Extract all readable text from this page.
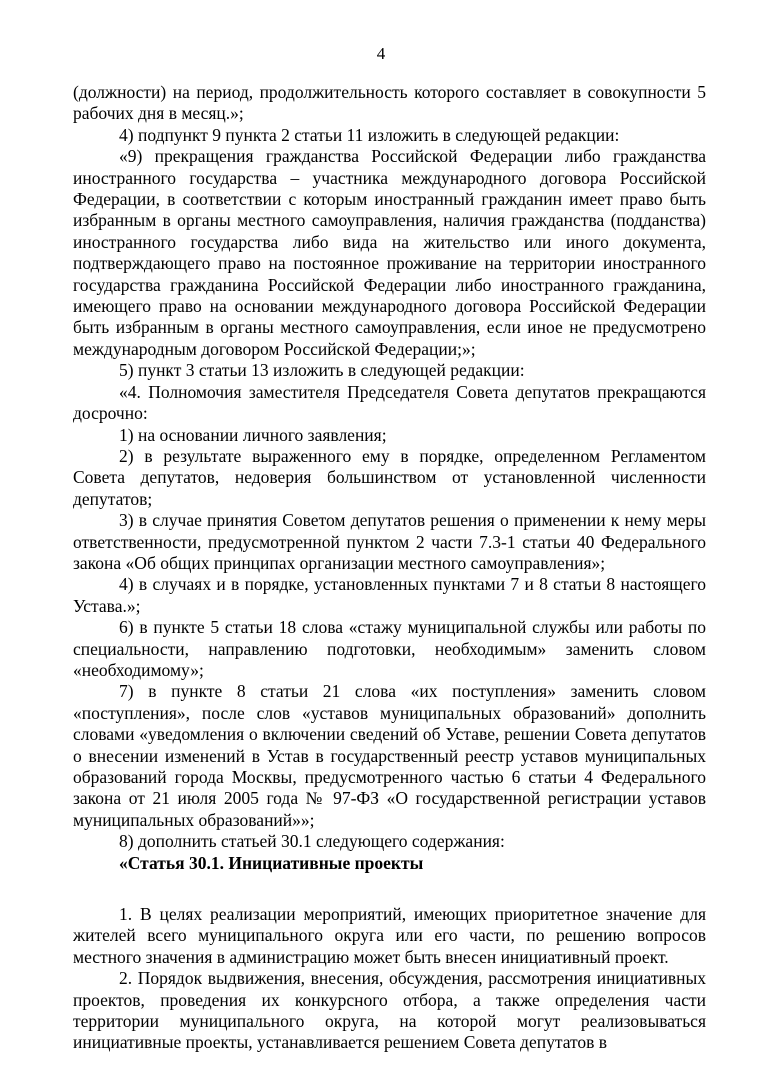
4

(должности) на период, продолжительность которого составляет в совокупности 5 рабочих дня в месяц.»;

4) подпункт 9 пункта 2 статьи 11 изложить в следующей редакции:

«9) прекращения гражданства Российской Федерации либо гражданства иностранного государства – участника международного договора Российской Федерации, в соответствии с которым иностранный гражданин имеет право быть избранным в органы местного самоуправления, наличия гражданства (подданства) иностранного государства либо вида на жительство или иного документа, подтверждающего право на постоянное проживание на территории иностранного государства гражданина Российской Федерации либо иностранного гражданина, имеющего право на основании международного договора Российской Федерации быть избранным в органы местного самоуправления, если иное не предусмотрено международным договором Российской Федерации;»;

5) пункт 3 статьи 13 изложить в следующей редакции:

«4. Полномочия заместителя Председателя Совета депутатов прекращаются досрочно:

1) на основании личного заявления;

2) в результате выраженного ему в порядке, определенном Регламентом Совета депутатов, недоверия большинством от установленной численности депутатов;

3) в случае принятия Советом депутатов решения о применении к нему меры ответственности, предусмотренной пунктом 2 части 7.3-1 статьи 40 Федерального закона «Об общих принципах организации местного самоуправления»;

4) в случаях и в порядке, установленных пунктами 7 и 8 статьи 8 настоящего Устава.»;

6) в пункте 5 статьи 18 слова «стажу муниципальной службы или работы по специальности, направлению подготовки, необходимым» заменить словом «необходимому»;

7) в пункте 8 статьи 21 слова «их поступления» заменить словом «поступления», после слов «уставов муниципальных образований» дополнить словами «уведомления о включении сведений об Уставе, решении Совета депутатов о внесении изменений в Устав в государственный реестр уставов муниципальных образований города Москвы, предусмотренного частью 6 статьи 4 Федерального закона от 21 июля 2005 года № 97-ФЗ «О государственной регистрации уставов муниципальных образований»»;

8) дополнить статьей 30.1 следующего содержания:

«Статья 30.1. Инициативные проекты

1. В целях реализации мероприятий, имеющих приоритетное значение для жителей всего муниципального округа или его части, по решению вопросов местного значения в администрацию может быть внесен инициативный проект.

2. Порядок выдвижения, внесения, обсуждения, рассмотрения инициативных проектов, проведения их конкурсного отбора, а также определения части территории муниципального округа, на которой могут реализовываться инициативные проекты, устанавливается решением Совета депутатов в
